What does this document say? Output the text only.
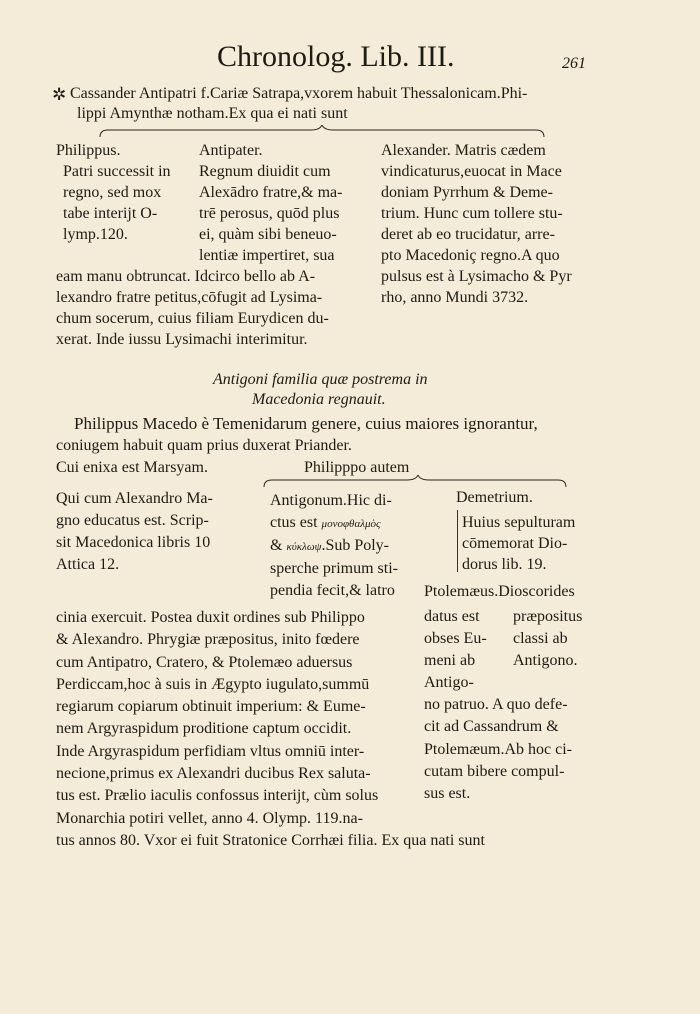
Chronolog. Lib. III.	261
✲ Cassander Antipatri f.Cariæ Satrapa,vxorem habuit Thessalonicam.Phi-
lippi Amynthæ notham.Ex qua ei nati sunt
Philippus.
Patri successit in
regno, sed mox
tabe interijt O-
lymp.120.
Antipater.
Regnum diuidit cum
Alexādro fratre,& ma-
trē perosus, quōd plus
ei, quàm sibi beneuo-
lentiæ impertiret, sua
eam manu obtruncat. Idcirco bello ab A-
lexandro fratre petitus,cōfugit ad Lysima-
chum socerum, cuius filiam Eurydicen du-
xerat. Inde iussu Lysimachi interimitur.
Alexander. Matris cædem
vindicaturus,euocat in Mace
doniam Pyrrhum & Deme-
trium. Hunc cum tollere stu-
deret ab eo trucidatur, arre-
pto Macedoniç regno.A quo
pulsus est à Lysimacho & Pyr
rho, anno Mundi 3732.
Antigoni familia quæ postrema in
Macedonia regnauit.
Philippus Macedo è Temenidarum genere, cuius maiores ignorantur,
coniugem habuit quam prius duxerat Priander.
Cui enixa est Marsyam.	Philipppo autem
Qui cum Alexandro Ma-
gno educatus est. Scrip-
sit Macedonica libris 10
Attica 12.
Antigonum.Hic di-
ctus est μονοφθαλμὸς
& κύκλωψ.Sub Poly-
sperche primum sti-
pendia fecit,& latro
Demetrium.
Huius sepulturam
cōmemorat Dio-
dorus lib. 19.
cinia exercuit. Postea duxit ordines sub Philippo
& Alexandro. Phrygiæ præpositus, inito fœdere
cum Antipatro, Cratero, & Ptolemæo aduersus
Perdiccam,hoc à suis in Ægypto iugulato,summū
regiarum copiarum obtinuit imperium: & Eume-
nem Argyraspidum proditione captum occidit.
Inde Argyraspidum perfidiam vltus omniū inter-
necione,primus ex Alexandri ducibus Rex saluta-
tus est. Prælio iaculis confossus interijt, cùm solus
Monarchia potiri vellet, anno 4. Olymp. 119.na-
tus annos 80. Vxor ei fuit Stratonice Corrhæi filia. Ex qua nati sunt
Ptolemæus.Dioscorides
datus est
obses Eu-
meni ab
Antigo-
præpositus
classi ab
Antigono.
no patruo. A quo defe-
cit ad Cassandrum &
Ptolemæum.Ab hoc ci-
cutam bibere compul-
sus est.
